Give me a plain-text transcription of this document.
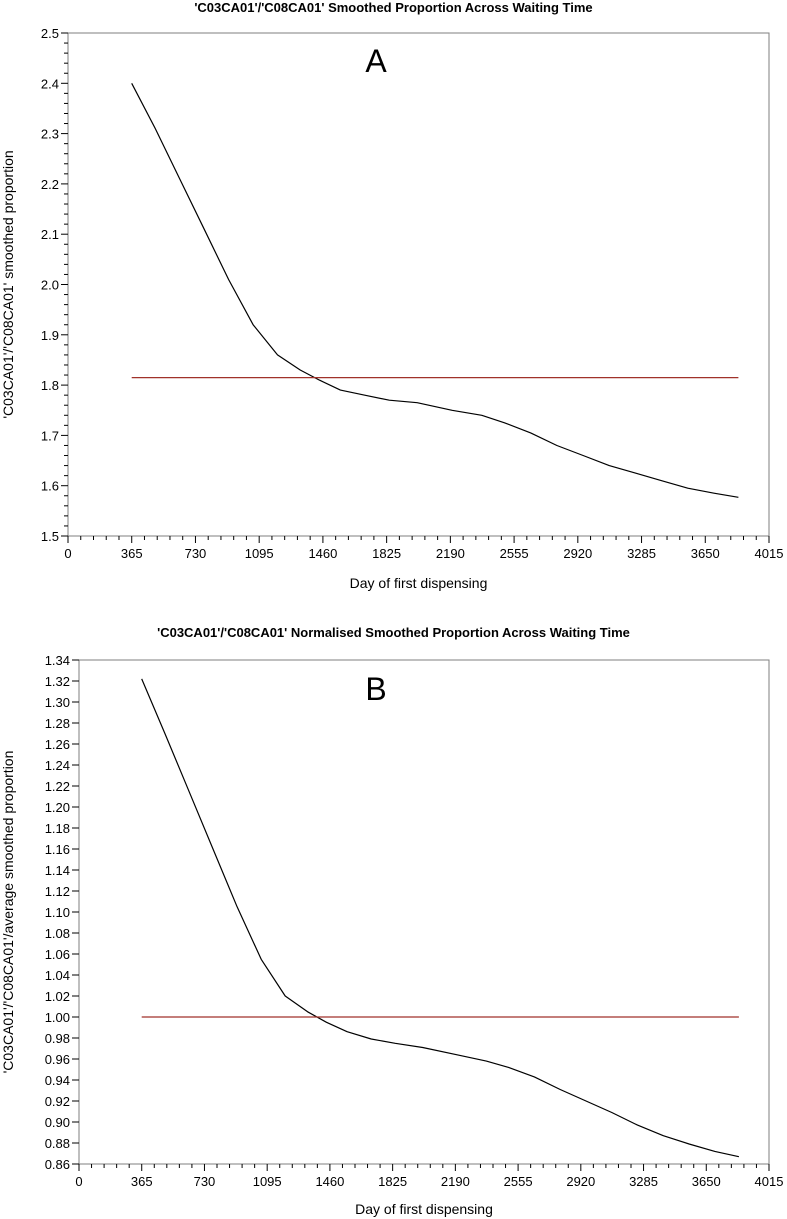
'C03CA01'/'C08CA01' Smoothed Proportion Across Waiting Time
0	365	730	1095	1460	1825	2190	2555	2920	3285	3650	4015
1.5
1.6
1.7
1.8
1.9
2.0
2.1
2.2
2.3
2.4
2.5
Day of first dispensing
'C03CA01'/'C08CA01' smoothed proportion
A
'C03CA01'/'C08CA01' Normalised Smoothed Proportion Across Waiting Time
0	365	730	1095	1460	1825	2190	2555	2920	3285	3650	4015
0.86
0.88
0.90
0.92
0.94
0.96
0.98
1.00
1.02
1.04
1.06
1.08
1.10
1.12
1.14
1.16
1.18
1.20
1.22
1.24
1.26
1.28
1.30
1.32
1.34
Day of first dispensing
'C03CA01'/'C08CA01'/average smoothed proportion
B
